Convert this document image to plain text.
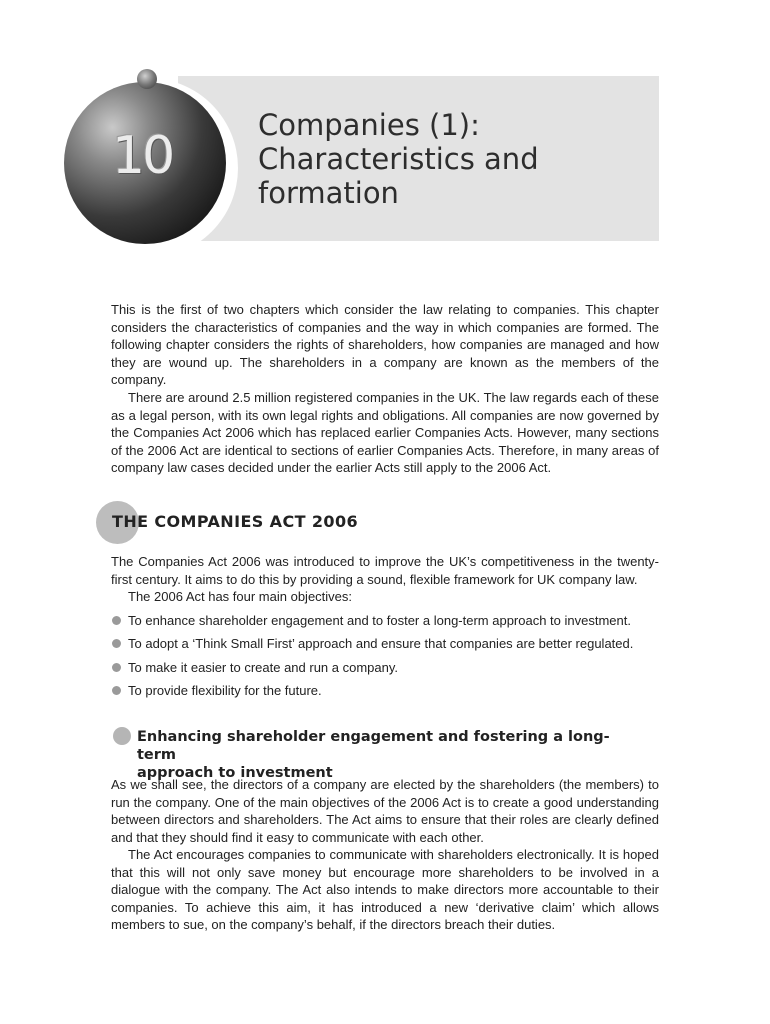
10
Companies (1):
Characteristics and
formation

This is the first of two chapters which consider the law relating to companies. This chapter considers the characteristics of companies and the way in which companies are formed. The following chapter considers the rights of shareholders, how companies are managed and how they are wound up. The shareholders in a company are known as the members of the company.

There are around 2.5 million registered companies in the UK. The law regards each of these as a legal person, with its own legal rights and obligations. All companies are now governed by the Companies Act 2006 which has replaced earlier Companies Acts. However, many sections of the 2006 Act are identical to sections of earlier Companies Acts. Therefore, in many areas of company law cases decided under the earlier Acts still apply to the 2006 Act.

THE COMPANIES ACT 2006

The Companies Act 2006 was introduced to improve the UK’s competitiveness in the twenty-first century. It aims to do this by providing a sound, flexible framework for UK company law.

The 2006 Act has four main objectives:

To enhance shareholder engagement and to foster a long-term approach to investment.
To adopt a ‘Think Small First’ approach and ensure that companies are better regulated.
To make it easier to create and run a company.
To provide flexibility for the future.
Enhancing shareholder engagement and fostering a long-term
approach to investment

As we shall see, the directors of a company are elected by the shareholders (the members) to run the company. One of the main objectives of the 2006 Act is to create a good understanding between directors and shareholders. The Act aims to ensure that their roles are clearly defined and that they should find it easy to communicate with each other.

The Act encourages companies to communicate with shareholders electronically. It is hoped that this will not only save money but encourage more shareholders to be involved in a dialogue with the company. The Act also intends to make directors more accountable to their companies. To achieve this aim, it has introduced a new ‘derivative claim’ which allows members to sue, on the company’s behalf, if the directors breach their duties.
